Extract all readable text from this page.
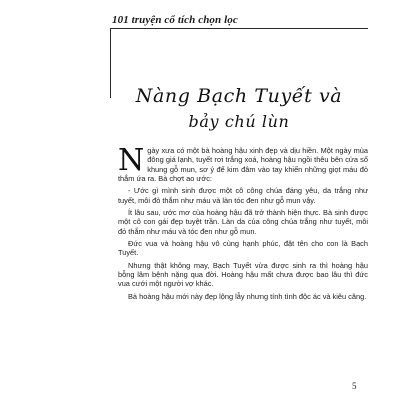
101 truyện cổ tích chọn lọc
Nàng Bạch Tuyết và
bảy chú lùn

Ngày xưa có một bà hoàng hậu xinh đẹp và dịu hiền. Một ngày mùa đông giá lạnh, tuyết rơi trắng xoá, hoàng hậu ngồi thêu bên cửa sổ khung gỗ mun, sơ ý để kim đâm vào tay khiến những giọt máu đỏ thắm ứa ra. Bà chợt ao ước:

- Ước gì mình sinh được một cô công chúa đáng yêu, da trắng như tuyết, môi đỏ thắm như máu và làn tóc đen như gỗ mun vậy.

Ít lâu sau, ước mơ của hoàng hậu đã trở thành hiện thực. Bà sinh được một cô con gái đẹp tuyệt trần. Làn da của công chúa trắng như tuyết, môi đỏ thắm như máu và tóc đen như gỗ mun.

Đức vua và hoàng hậu vô cùng hạnh phúc, đặt tên cho con là Bạch Tuyết.

Nhưng thật không may, Bạch Tuyết vừa được sinh ra thì hoàng hậu bỗng lâm bệnh nặng qua đời. Hoàng hậu mất chưa được bao lâu thì đức vua cưới một người vợ khác.

Bà hoàng hậu mới này đẹp lộng lẫy nhưng tính tình độc ác và kiêu căng.

5
